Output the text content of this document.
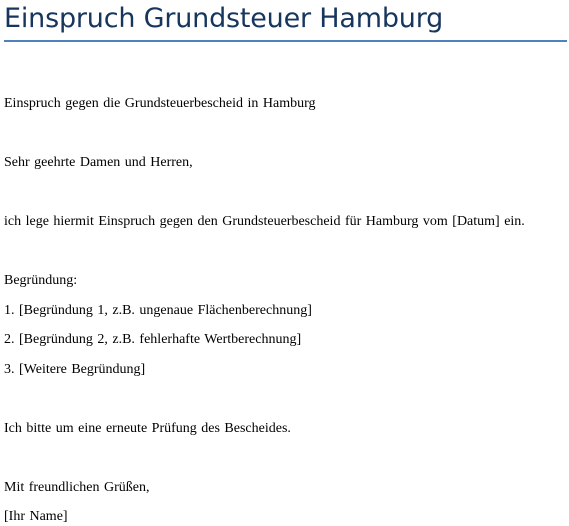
Einspruch Grundsteuer Hamburg

Einspruch gegen die Grundsteuerbescheid in Hamburg

Sehr geehrte Damen und Herren,

ich lege hiermit Einspruch gegen den Grundsteuerbescheid für Hamburg vom [Datum] ein.

Begründung:

1. [Begründung 1, z.B. ungenaue Flächenberechnung]

2. [Begründung 2, z.B. fehlerhafte Wertberechnung]

3. [Weitere Begründung]

Ich bitte um eine erneute Prüfung des Bescheides.

Mit freundlichen Grüßen,

[Ihr Name]
